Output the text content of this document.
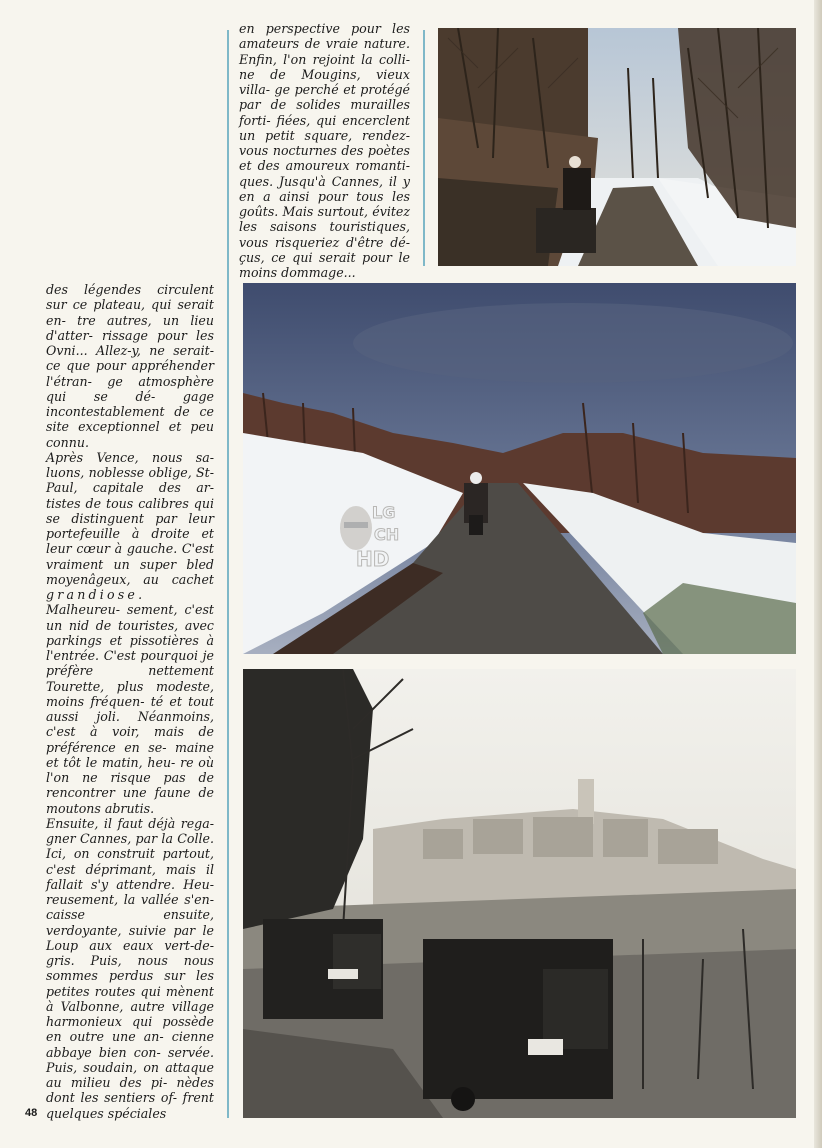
en perspective pour les amateurs de vraie nature. Enfin, l'on rejoint la colli- ne de Mougins, vieux villa- ge perché et protégé par de solides murailles forti- fiées, qui encerclent un petit square, rendez-vous nocturnes des poètes et des amoureux romanti- ques. Jusqu'à Cannes, il y en a ainsi pour tous les goûts. Mais surtout, évitez les saisons touristiques, vous risqueriez d'être dé- çus, ce qui serait pour le moins dommage...

des légendes circulent sur ce plateau, qui serait en- tre autres, un lieu d'atter- rissage pour les Ovni... Allez-y, ne serait-ce que pour appréhender l'étran- ge atmosphère qui se dé- gage incontestablement de ce site exceptionnel et peu connu.

Après Vence, nous sa- luons, noblesse oblige, St-Paul, capitale des ar- tistes de tous calibres qui se distinguent par leur portefeuille à droite et leur cœur à gauche. C'est vraiment un super bled moyenâgeux, au cachet grandiose. Malheureu- sement, c'est un nid de touristes, avec parkings et pissotières à l'entrée. C'est pourquoi je préfère	nettement Tourette, plus modeste, moins fréquen- té et tout aussi joli. Néanmoins, c'est à voir, mais de préférence en se- maine et tôt le matin, heu- re où l'on ne risque pas de rencontrer une faune de moutons abrutis.

Ensuite, il faut déjà rega- gner Cannes, par la Colle. Ici, on construit partout, c'est déprimant, mais il fallait s'y attendre. Heu- reusement, la vallée s'en- caisse ensuite, verdoyante, suivie par le Loup aux eaux vert-de-gris. Puis, nous nous sommes perdus sur les petites routes qui mènent à Valbonne, autre village harmonieux qui possède en outre une an- cienne abbaye bien con- servée. Puis, soudain, on attaque au milieu des pi- nèdes dont les sentiers of- frent quelques spéciales

LG
CH
HD
48
